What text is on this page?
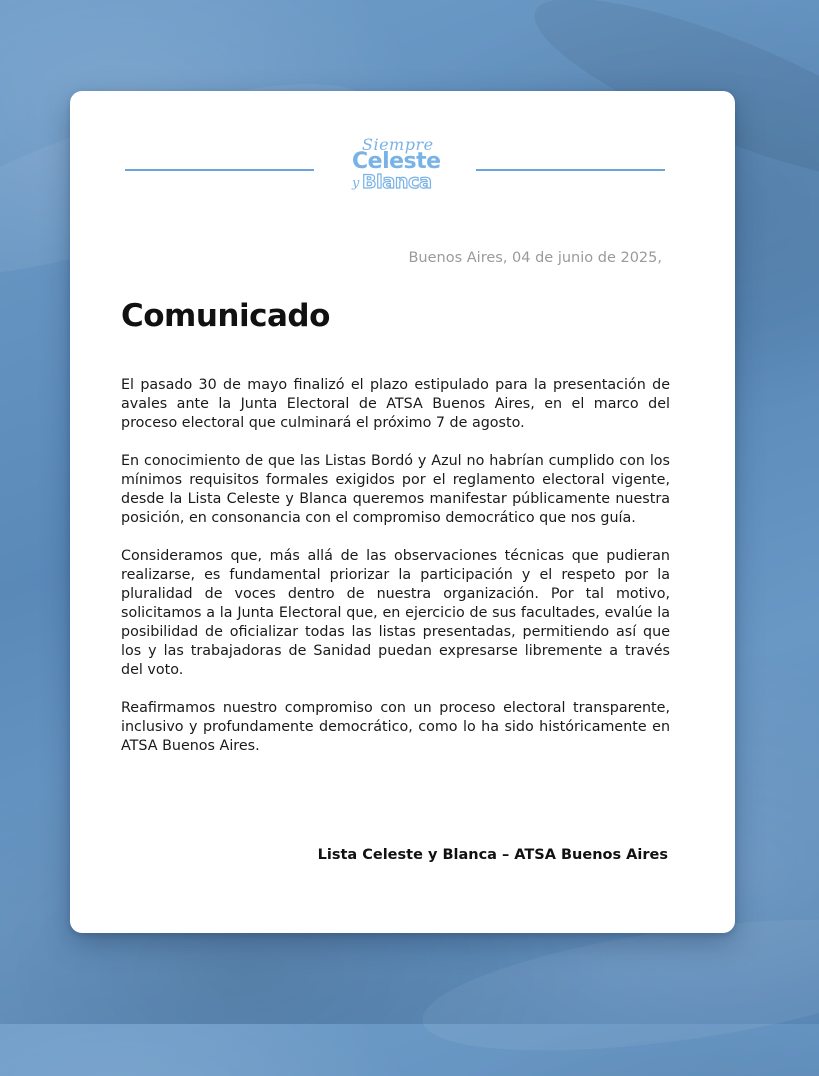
Siempre
Celeste
y Blanca
Buenos Aires, 04 de junio de 2025,
Comunicado

El pasado 30 de mayo finalizó el plazo estipulado para la presentación de avales ante la Junta Electoral de ATSA Buenos Aires, en el marco del proceso electoral que culminará el próximo 7 de agosto.

En conocimiento de que las Listas Bordó y Azul no habrían cumplido con los mínimos requisitos formales exigidos por el reglamento electoral vigente, desde la Lista Celeste y Blanca queremos manifestar públicamente nuestra posición, en consonancia con el compromiso democrático que nos guía.

Consideramos que, más allá de las observaciones técnicas que pudieran realizarse, es fundamental priorizar la participación y el respeto por la pluralidad de voces dentro de nuestra organización. Por tal motivo, solicitamos a la Junta Electoral que, en ejercicio de sus facultades, evalúe la posibilidad de oficializar todas las listas presentadas, permitiendo así que los y las trabajadoras de Sanidad puedan expresarse libremente a través del voto.

Reafirmamos nuestro compromiso con un proceso electoral transparente, inclusivo y profundamente democrático, como lo ha sido históricamente en ATSA Buenos Aires.

Lista Celeste y Blanca – ATSA Buenos Aires
